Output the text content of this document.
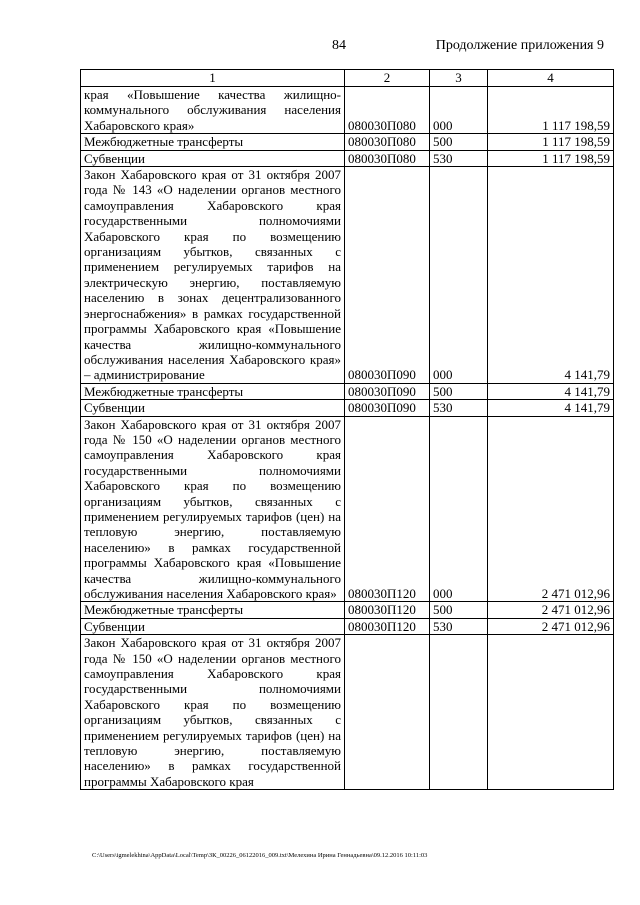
84	Продолжение приложения 9
1	2	3	4
края «Повышение качества жилищно-коммунального обслуживания населения Хабаровского края»	080030П080	000	1 117 198,59
Межбюджетные трансферты	080030П080	500	1 117 198,59
Субвенции	080030П080	530	1 117 198,59
Закон Хабаровского края от 31 октября 2007 года № 143 «О наделении органов местного самоуправления Хабаровского края государственными полномочиями Хабаровского края по возмещению организациям убытков, связанных с применением регулируемых тарифов на электрическую энергию, поставляемую населению в зонах децентрализованного энергоснабжения» в рамках государственной программы Хабаровского края «Повышение качества жилищно-коммунального обслуживания населения Хабаровского края» – администрирование	080030П090	000	4 141,79
Межбюджетные трансферты	080030П090	500	4 141,79
Субвенции	080030П090	530	4 141,79
Закон Хабаровского края от 31 октября 2007 года № 150 «О наделении органов местного самоуправления Хабаровского края государственными полномочиями Хабаровского края по возмещению организациям убытков, связанных с применением регулируемых тарифов (цен) на тепловую энергию, поставляемую населению» в рамках государственной программы Хабаровского края «Повышение качества жилищно-коммунального обслуживания населения Хабаровского края»	080030П120	000	2 471 012,96
Межбюджетные трансферты	080030П120	500	2 471 012,96
Субвенции	080030П120	530	2 471 012,96
Закон Хабаровского края от 31 октября 2007 года № 150 «О наделении органов местного самоуправления Хабаровского края государственными полномочиями Хабаровского края по возмещению организациям убытков, связанных с применением регулируемых тарифов (цен) на тепловую энергию, поставляемую населению» в рамках государственной программы Хабаровского края			
C:\Users\igmelekhina\AppData\Local\Temp\ЗК_00226_06122016_009.txt\Мелехина Ирина Геннадьевна\09.12.2016 10:11:03
